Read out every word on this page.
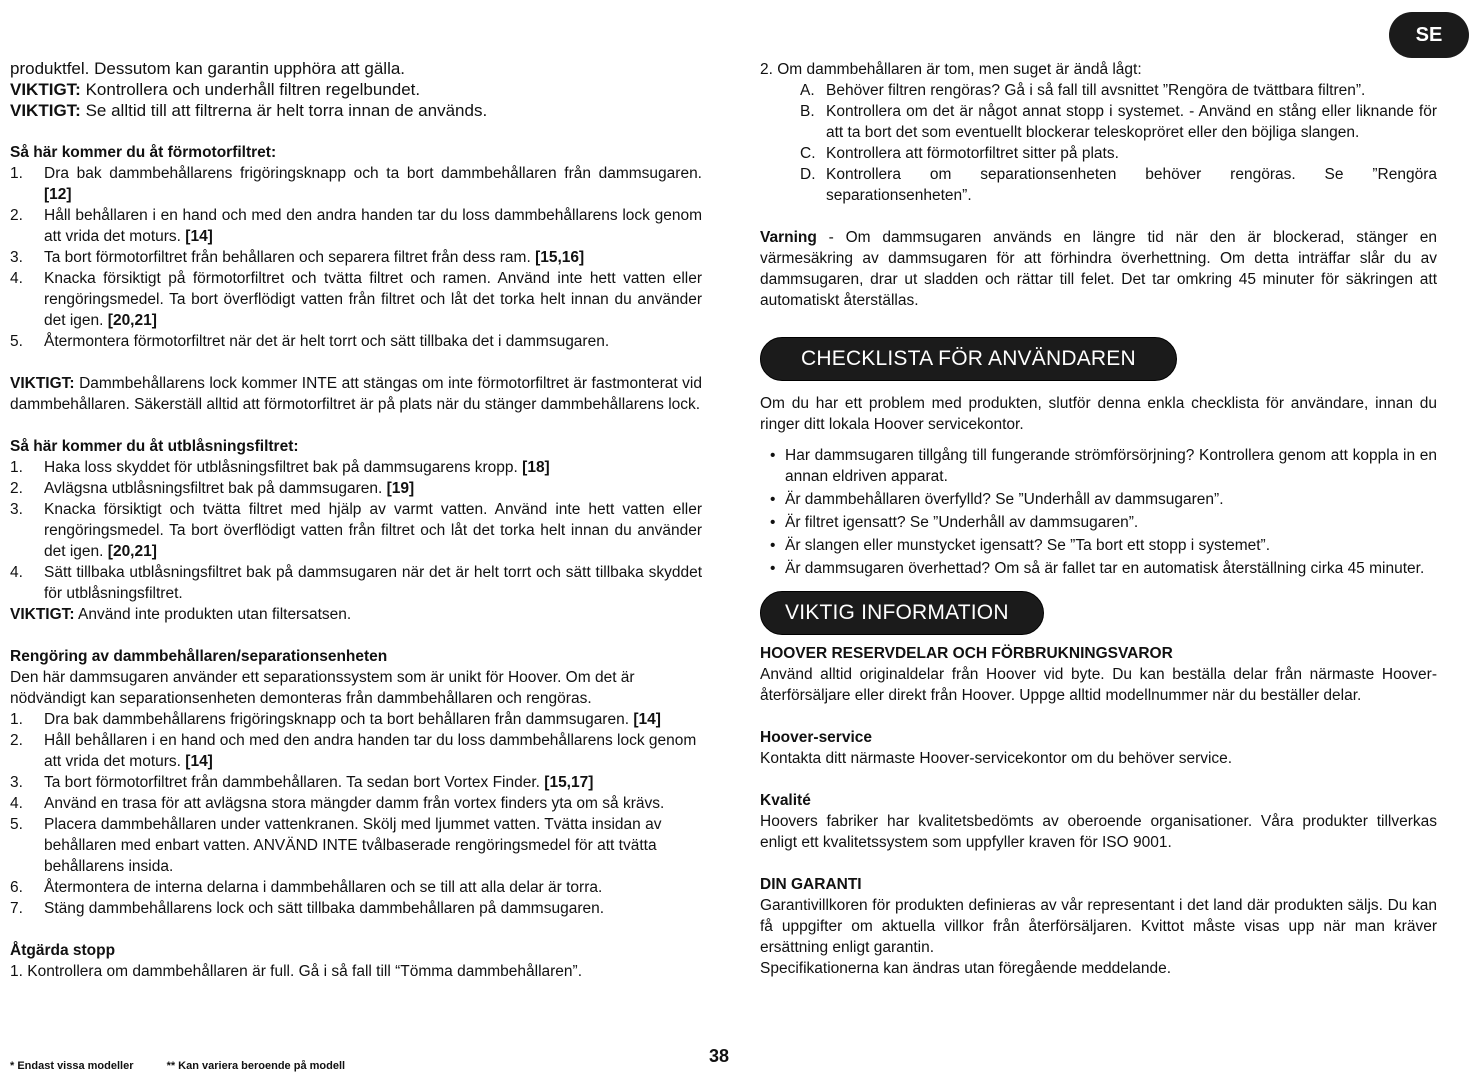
SE

produktfel. Dessutom kan garantin upphöra att gälla.

VIKTIGT: Kontrollera och underhåll filtren regelbundet.

VIKTIGT: Se alltid till att filtrerna är helt torra innan de används.

Så här kommer du åt förmotorfiltret:

1. Dra bak dammbehållarens frigöringsknapp och ta bort dammbehållaren från dammsugaren. [12]
2. Håll behållaren i en hand och med den andra handen tar du loss dammbehållarens lock genom att vrida det moturs. [14]
3. Ta bort förmotorfiltret från behållaren och separera filtret från dess ram. [15,16]
4. Knacka försiktigt på förmotorfiltret och tvätta filtret och ramen. Använd inte hett vatten eller rengöringsmedel. Ta bort överflödigt vatten från filtret och låt det torka helt innan du använder det igen. [20,21]
5. Återmontera förmotorfiltret när det är helt torrt och sätt tillbaka det i dammsugaren.

VIKTIGT: Dammbehållarens lock kommer INTE att stängas om inte förmotorfiltret är fastmonterat vid dammbehållaren. Säkerställ alltid att förmotorfiltret är på plats när du stänger dammbehållarens lock.

Så här kommer du åt utblåsningsfiltret:

1. Haka loss skyddet för utblåsningsfiltret bak på dammsugarens kropp. [18]
2. Avlägsna utblåsningsfiltret bak på dammsugaren. [19]
3. Knacka försiktigt och tvätta filtret med hjälp av varmt vatten. Använd inte hett vatten eller rengöringsmedel. Ta bort överflödigt vatten från filtret och låt det torka helt innan du använder det igen. [20,21]
4. Sätt tillbaka utblåsningsfiltret bak på dammsugaren när det är helt torrt och sätt tillbaka skyddet för utblåsningsfiltret.

VIKTIGT: Använd inte produkten utan filtersatsen.

Rengöring av dammbehållaren/separationsenheten

Den här dammsugaren använder ett separationssystem som är unikt för Hoover. Om det är nödvändigt kan separationsenheten demonteras från dammbehållaren och rengöras.

1. Dra bak dammbehållarens frigöringsknapp och ta bort behållaren från dammsugaren. [14]
2. Håll behållaren i en hand och med den andra handen tar du loss dammbehållarens lock genom att vrida det moturs. [14]
3. Ta bort förmotorfiltret från dammbehållaren. Ta sedan bort Vortex Finder. [15,17]
4. Använd en trasa för att avlägsna stora mängder damm från vortex finders yta om så krävs.
5. Placera dammbehållaren under vattenkranen. Skölj med ljummet vatten. Tvätta insidan av behållaren med enbart vatten. ANVÄND INTE tvålbaserade rengöringsmedel för att tvätta behållarens insida.
6. Återmontera de interna delarna i dammbehållaren och se till att alla delar är torra.
7. Stäng dammbehållarens lock och sätt tillbaka dammbehållaren på dammsugaren.

Åtgärda stopp

1. Kontrollera om dammbehållaren är full. Gå i så fall till “Tömma dammbehållaren”.

2. Om dammbehållaren är tom, men suget är ändå lågt:

A. Behöver filtren rengöras? Gå i så fall till avsnittet ”Rengöra de tvättbara filtren”.
B. Kontrollera om det är något annat stopp i systemet. - Använd en stång eller liknande för att ta bort det som eventuellt blockerar teleskopröret eller den böjliga slangen.
C. Kontrollera att förmotorfiltret sitter på plats.
D. Kontrollera om separationsenheten behöver rengöras. Se ”Rengöra separationsenheten”.

Varning - Om dammsugaren används en längre tid när den är blockerad, stänger en värmesäkring av dammsugaren för att förhindra överhettning. Om detta inträffar slår du av dammsugaren, drar ut sladden och rättar till felet. Det tar omkring 45 minuter för säkringen att automatiskt återställas.

CHECKLISTA FÖR ANVÄNDAREN

Om du har ett problem med produkten, slutför denna enkla checklista för användare, innan du ringer ditt lokala Hoover servicekontor.

• Har dammsugaren tillgång till fungerande strömförsörjning? Kontrollera genom att koppla in en annan eldriven apparat.
• Är dammbehållaren överfylld? Se ”Underhåll av dammsugaren”.
• Är filtret igensatt? Se ”Underhåll av dammsugaren”.
• Är slangen eller munstycket igensatt? Se ”Ta bort ett stopp i systemet”.
• Är dammsugaren överhettad? Om så är fallet tar en automatisk återställning cirka 45 minuter.
VIKTIG INFORMATION

HOOVER RESERVDELAR OCH FÖRBRUKNINGSVAROR

Använd alltid originaldelar från Hoover vid byte. Du kan beställa delar från närmaste Hoover-återförsäljare eller direkt från Hoover. Uppge alltid modellnummer när du beställer delar.

Hoover-service

Kontakta ditt närmaste Hoover-servicekontor om du behöver service.

Kvalité

Hoovers fabriker har kvalitetsbedömts av oberoende organisationer. Våra produkter tillverkas enligt ett kvalitetssystem som uppfyller kraven för ISO 9001.

DIN GARANTI

Garantivillkoren för produkten definieras av vår representant i det land där produkten säljs. Du kan få uppgifter om aktuella villkor från återförsäljaren. Kvittot måste visas upp när man kräver ersättning enligt garantin.

Specifikationerna kan ändras utan föregående meddelande.

* Endast vissa modeller	** Kan variera beroende på modell	38
